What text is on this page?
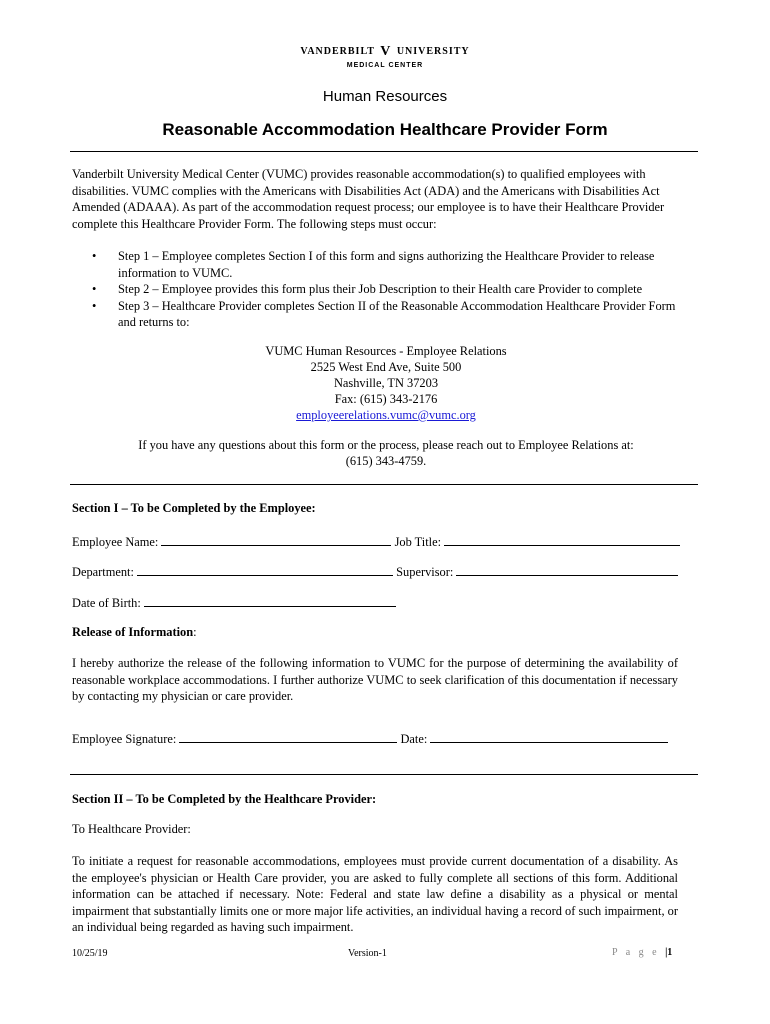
VANDERBILT V UNIVERSITY
MEDICAL CENTER
Human Resources
Reasonable Accommodation Healthcare Provider Form
Vanderbilt University Medical Center (VUMC) provides reasonable accommodation(s) to qualified employees with disabilities. VUMC complies with the Americans with Disabilities Act (ADA) and the Americans with Disabilities Act Amended (ADAAA). As part of the accommodation request process; our employee is to have their Healthcare Provider complete this Healthcare Provider Form. The following steps must occur:
• Step 1 – Employee completes Section I of this form and signs authorizing the Healthcare Provider to release information to VUMC.
• Step 2 – Employee provides this form plus their Job Description to their Health care Provider to complete
• Step 3 – Healthcare Provider completes Section II of the Reasonable Accommodation Healthcare Provider Form and returns to:
VUMC Human Resources - Employee Relations
2525 West End Ave, Suite 500
Nashville, TN 37203
Fax: (615) 343-2176
employeerelations.vumc@vumc.org
If you have any questions about this form or the process, please reach out to Employee Relations at:
(615) 343-4759.
Section I – To be Completed by the Employee:
Employee Name:	Job Title:
Department:	Supervisor:
Date of Birth:
Release of Information:
I hereby authorize the release of the following information to VUMC for the purpose of determining the availability of reasonable workplace accommodations. I further authorize VUMC to seek clarification of this documentation if necessary by contacting my physician or care provider.
Employee Signature:	Date:
Section II – To be Completed by the Healthcare Provider:
To Healthcare Provider:
To initiate a request for reasonable accommodations, employees must provide current documentation of a disability. As the employee's physician or Health Care provider, you are asked to fully complete all sections of this form. Additional information can be attached if necessary. Note: Federal and state law define a disability as a physical or mental impairment that substantially limits one or more major life activities, an individual having a record of such impairment, or an individual being regarded as having such impairment.
10/25/19	Version-1	P a g e |1
